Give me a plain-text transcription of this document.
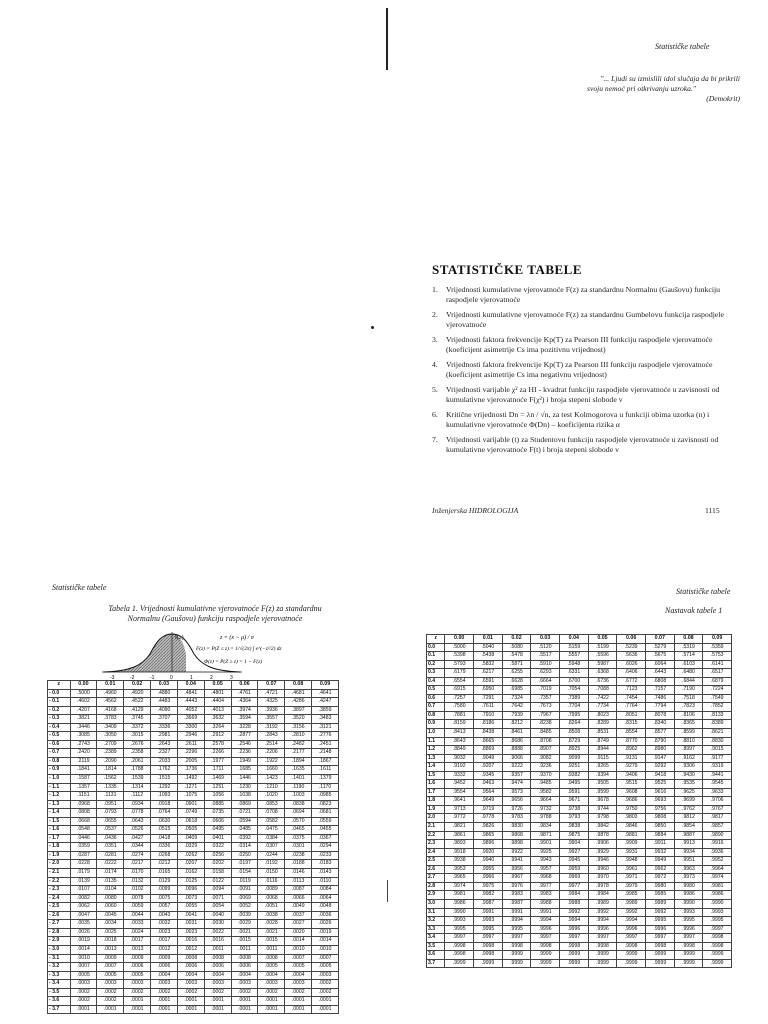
Statističke tabele
"... Ljudi su izmislili idol slučaja da bi prikrili
svoju nemoć pri otkrivanju uzroka."
(Demokrit)
STATISTIČKE TABELE
1. Vrijednosti kumulativne vjerovatnoće F(z) za standardnu Normalnu (Gaušovu) funkciju raspodjele vjerovatnoće
2. Vrijednosti kumulativne vjerovatnoće F(z) za standardnu Gumbelovu funkcija raspodjele vjerovatnoće
3. Vrijednosti faktora frekvencije Kp(T) za Pearson III funkciju raspodjele vjerovatnoće (koeficijent asimetrije Cs ima pozitivnu vrijednost)
4. Vrijednosti faktora frekvencije Kp(T) za Pearson III funkciju raspodjele vjerovatnoće (koeficijent asimetrije Cs ima negativnu vrijednost)
5. Vrijednosti varijable χ² za HI - kvadrat funkciju raspodjele vjerovatnoće u zavisnosti od kumulativne vjerovatnoće F(χ²) i broja stepeni slobode v
6. Kritične vrijednosti Dn = λn / √n, za test Kolmogorova u funkciji obima uzorka (n) i kumulativne vjerovatnoće Φ(Dn) – koeficijenta rizika α
7. Vrijednosti varijable (t) za Studentovu funkciju raspodjele vjerovatnoće u zavisnosti od kumulativne vjerovatnoće F(t) i broja stepeni slobode v
Inženjerska HIDROLOGIJA	1115
Statističke tabele
Tabela 1. Vrijednosti kumulativne vjerovatnoće F(z) za standardnu
Normalnu (Gaušovu) funkciju raspodjele vjerovatnoće
f(z)	z = (x − μ) / σ
F(z) = P(Z ≤ z) = 1/√(2π) ∫ e^(−z²/2) dz
Φ(z) = P(Z ≥ z) = 1 − F(z)
-3	-2	-1	0	1	2	3
z	0.00	0.01	0.02	0.03	0.04	0.05	0.06	0.07	0.08	0.09
- 0.0	.5000	.4960	.4920	.4880	.4841	.4801	.4761	.4721	.4681	.4641
- 0.1	.4602	.4562	.4522	.4483	.4443	.4404	.4364	.4325	.4286	.4247
- 0.2	.4207	.4168	.4129	.4090	.4052	.4013	.3974	.3936	.3897	.3859
- 0.3	.3821	.3783	.3745	.3707	.3669	.3632	.3594	.3557	.3520	.3483
- 0.4	.3446	.3409	.3372	.3336	.3300	.3264	.3228	.3192	.3156	.3121
- 0.5	.3085	.3050	.3015	.2981	.2946	.2912	.2877	.2843	.2810	.2776
- 0.6	.2743	.2709	.2676	.2643	.2611	.2578	.2546	.2514	.2482	.2451
- 0.7	.2420	.2389	.2358	.2327	.2296	.2266	.2236	.2206	.2177	.2148
- 0.8	.2119	.2090	.2061	.2033	.2005	.1977	.1949	.1922	.1894	.1867
- 0.9	.1841	.1814	.1788	.1762	.1736	.1711	.1685	.1660	.1635	.1611
- 1.0	.1587	.1562	.1539	.1515	.1492	.1469	.1446	.1423	.1401	.1379
- 1.1	.1357	.1335	.1314	.1292	.1271	.1251	.1230	.1210	.1190	.1170
- 1.2	.1151	.1131	.1112	.1093	.1075	.1056	.1038	.1020	.1003	.0985
- 1.3	.0968	.0951	.0934	.0918	.0901	.0885	.0869	.0853	.0838	.0823
- 1.4	.0808	.0793	.0778	.0764	.0749	.0735	.0721	.0708	.0694	.0681
- 1.5	.0668	.0655	.0643	.0630	.0618	.0606	.0594	.0582	.0570	.0559
- 1.6	.0548	.0537	.0526	.0515	.0505	.0495	.0485	.0475	.0465	.0455
- 1.7	.0446	.0436	.0427	.0418	.0409	.0401	.0392	.0384	.0375	.0367
- 1.8	.0359	.0351	.0344	.0336	.0329	.0322	.0314	.0307	.0301	.0294
- 1.9	.0287	.0281	.0274	.0268	.0262	.0256	.0250	.0244	.0238	.0233
- 2.0	.0228	.0222	.0217	.0212	.0207	.0202	.0197	.0192	.0188	.0183
- 2.1	.0179	.0174	.0170	.0165	.0162	.0158	.0154	.0150	.0146	.0143
- 2.2	.0139	.0135	.0132	.0129	.0125	.0122	.0119	.0116	.0113	.0110
- 2.3	.0107	.0104	.0102	.0099	.0096	.0094	.0091	.0089	.0087	.0084
- 2.4	.0082	.0080	.0078	.0075	.0073	.0071	.0069	.0068	.0066	.0064
- 2.5	.0062	.0060	.0059	.0057	.0055	.0054	.0052	.0051	.0049	.0048
- 2.6	.0047	.0045	.0044	.0043	.0041	.0040	.0039	.0038	.0037	.0036
- 2.7	.0035	.0034	.0033	.0032	.0031	.0030	.0029	.0028	.0027	.0026
- 2.8	.0026	.0025	.0024	.0023	.0023	.0022	.0021	.0021	.0020	.0019
- 2.9	.0019	.0018	.0017	.0017	.0016	.0016	.0015	.0015	.0014	.0014
- 3.0	.0014	.0013	.0013	.0012	.0012	.0011	.0011	.0011	.0010	.0010
- 3.1	.0010	.0009	.0009	.0009	.0008	.0008	.0008	.0008	.0007	.0007
- 3.2	.0007	.0007	.0006	.0006	.0006	.0006	.0006	.0005	.0005	.0005
- 3.3	.0005	.0005	.0005	.0004	.0004	.0004	.0004	.0004	.0004	.0003
- 3.4	.0003	.0003	.0003	.0003	.0003	.0003	.0003	.0003	.0003	.0002
- 3.5	.0002	.0002	.0002	.0002	.0002	.0002	.0002	.0002	.0002	.0002
- 3.6	.0002	.0002	.0001	.0001	.0001	.0001	.0001	.0001	.0001	.0001
- 3.7	.0001	.0001	.0001	.0001	.0001	.0001	.0001	.0001	.0001	.0001
Statističke tabele
Nastavak tabele 1
z	0.00	0.01	0.02	0.03	0.04	0.05	0.06	0.07	0.08	0.09
0.0	.5000	.5040	.5080	.5120	.5159	.5199	.5239	.5279	.5319	.5359
0.1	.5398	.5438	.5478	.5517	.5557	.5596	.5636	.5675	.5714	.5753
0.2	.5793	.5832	.5871	.5910	.5948	.5987	.6026	.6064	.6103	.6141
0.3	.6179	.6217	.6255	.6293	.6331	.6368	.6406	.6443	.6480	.6517
0.4	.6554	.6591	.6628	.6664	.6700	.6736	.6772	.6808	.6844	.6879
0.5	.6915	.6950	.6985	.7019	.7054	.7088	.7123	.7157	.7190	.7224
0.6	.7257	.7291	.7324	.7357	.7389	.7422	.7454	.7486	.7518	.7549
0.7	.7580	.7611	.7642	.7673	.7704	.7734	.7764	.7794	.7823	.7852
0.8	.7881	.7910	.7939	.7967	.7995	.8023	.8051	.8078	.8106	.8133
0.9	.8159	.8186	.8212	.8238	.8264	.8289	.8315	.8340	.8365	.8389
1.0	.8413	.8438	.8461	.8485	.8508	.8531	.8554	.8577	.8599	.8621
1.1	.8643	.8665	.8686	.8708	.8729	.8749	.8770	.8790	.8810	.8830
1.2	.8849	.8869	.8888	.8907	.8925	.8944	.8962	.8980	.8997	.9015
1.3	.9032	.9049	.9066	.9082	.9099	.9115	.9131	.9147	.9162	.9177
1.4	.9192	.9207	.9222	.9236	.9251	.9265	.9279	.9292	.9306	.9319
1.5	.9332	.9345	.9357	.9370	.9382	.9394	.9406	.9418	.9430	.9441
1.6	.9452	.9463	.9474	.9485	.9495	.9505	.9515	.9525	.9535	.9545
1.7	.9554	.9564	.9573	.9582	.9591	.9599	.9608	.9616	.9625	.9633
1.8	.9641	.9649	.9656	.9664	.9671	.9678	.9686	.9693	.9699	.9706
1.9	.9713	.9719	.9726	.9732	.9738	.9744	.9750	.9756	.9762	.9767
2.0	.9772	.9778	.9783	.9788	.9793	.9798	.9803	.9808	.9812	.9817
2.1	.9821	.9826	.9830	.9834	.9838	.9842	.9846	.9850	.9854	.9857
2.2	.9861	.9865	.9868	.9871	.9875	.9878	.9881	.9884	.9887	.9890
2.3	.9893	.9896	.9898	.9901	.9904	.9906	.9909	.9911	.9913	.9916
2.4	.9918	.9920	.9922	.9925	.9927	.9929	.9931	.9932	.9934	.9936
2.5	.9938	.9940	.9941	.9943	.9945	.9946	.9948	.9949	.9951	.9952
2.6	.9953	.9955	.9956	.9957	.9959	.9960	.9961	.9962	.9963	.9964
2.7	.9965	.9966	.9967	.9968	.9969	.9970	.9971	.9972	.9973	.9974
2.8	.9974	.9975	.9976	.9977	.9977	.9978	.9979	.9980	.9980	.9981
2.9	.9981	.9982	.9983	.9983	.9984	.9984	.9985	.9985	.9986	.9986
3.0	.9986	.9987	.9987	.9988	.9988	.9989	.9989	.9989	.9990	.9990
3.1	.9990	.9991	.9991	.9991	.9992	.9992	.9992	.9992	.9993	.9993
3.2	.9993	.9993	.9994	.9994	.9994	.9994	.9994	.9995	.9995	.9995
3.3	.9995	.9995	.9995	.9996	.9996	.9996	.9996	.9996	.9996	.9997
3.4	.9997	.9997	.9997	.9997	.9997	.9997	.9997	.9997	.9997	.9998
3.5	.9998	.9998	.9998	.9998	.9998	.9998	.9998	.9998	.9998	.9998
3.6	.9998	.9998	.9999	.9999	.9999	.9999	.9999	.9999	.9999	.9999
3.7	.9999	.9999	.9999	.9999	.9999	.9999	.9999	.9999	.9999	.9999
